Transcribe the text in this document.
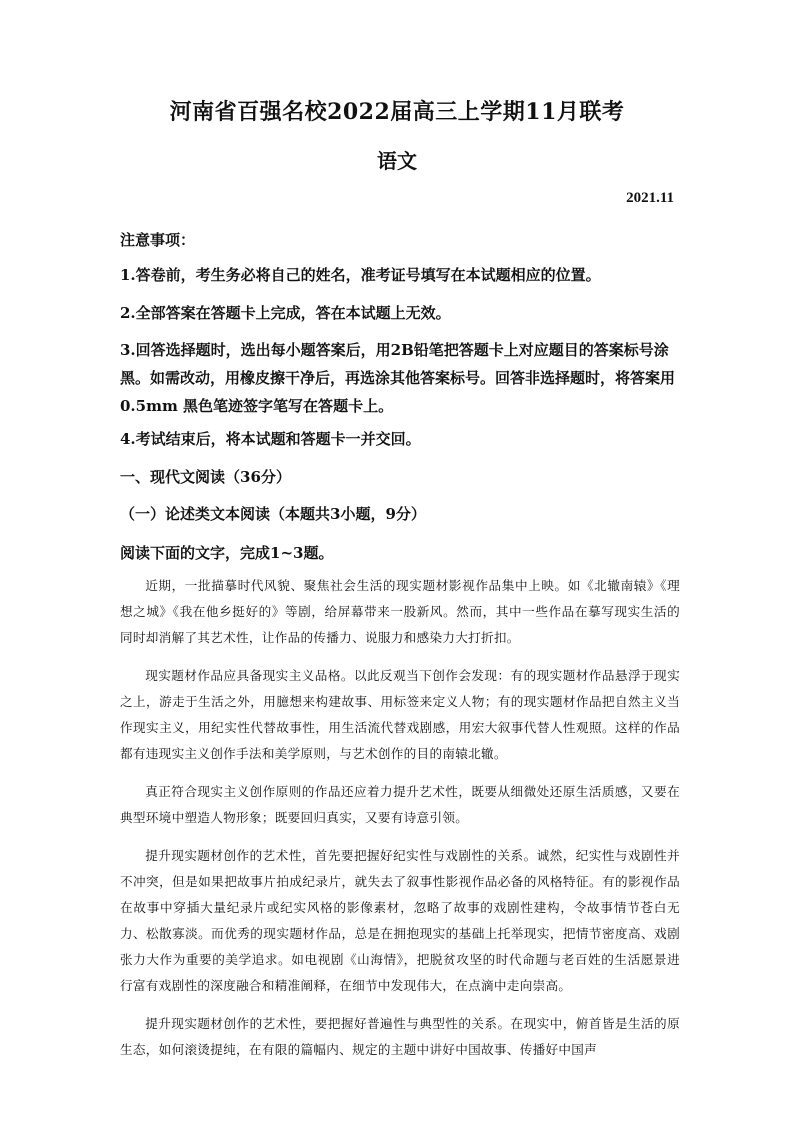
河南省百强名校2022届高三上学期11月联考
语文
2021.11
注意事项：
1.答卷前，考生务必将自己的姓名，准考证号填写在本试题相应的位置。
2.全部答案在答题卡上完成，答在本试题上无效。
3.回答选择题时，选出每小题答案后，用2B铅笔把答题卡上对应题目的答案标号涂黑。如需改动，用橡皮擦干净后，再选涂其他答案标号。回答非选择题时，将答案用0.5mm 黑色笔迹签字笔写在答题卡上。
4.考试结束后，将本试题和答题卡一并交回。
一、现代文阅读（36分）
（一）论述类文本阅读（本题共3小题，9分）
阅读下面的文字，完成1~3题。
近期，一批描摹时代风貌、聚焦社会生活的现实题材影视作品集中上映。如《北辙南辕》《理想之城》《我在他乡挺好的》等剧，给屏幕带来一股新风。然而，其中一些作品在摹写现实生活的同时却消解了其艺术性，让作品的传播力、说服力和感染力大打折扣。
现实题材作品应具备现实主义品格。以此反观当下创作会发现：有的现实题材作品悬浮于现实之上，游走于生活之外，用臆想来构建故事、用标签来定义人物；有的现实题材作品把自然主义当作现实主义，用纪实性代替故事性，用生活流代替戏剧感，用宏大叙事代替人性观照。这样的作品都有违现实主义创作手法和美学原则，与艺术创作的目的南辕北辙。
真正符合现实主义创作原则的作品还应着力提升艺术性，既要从细微处还原生活质感，又要在典型环境中塑造人物形象；既要回归真实，又要有诗意引领。
提升现实题材创作的艺术性，首先要把握好纪实性与戏剧性的关系。诚然，纪实性与戏剧性并不冲突，但是如果把故事片拍成纪录片，就失去了叙事性影视作品必备的风格特征。有的影视作品在故事中穿插大量纪录片或纪实风格的影像素材，忽略了故事的戏剧性建构，令故事情节苍白无力、松散寡淡。而优秀的现实题材作品，总是在拥抱现实的基础上托举现实，把情节密度高、戏剧张力大作为重要的美学追求。如电视剧《山海情》，把脱贫攻坚的时代命题与老百姓的生活愿景进行富有戏剧性的深度融合和精准阐释，在细节中发现伟大，在点滴中走向崇高。
提升现实题材创作的艺术性，要把握好普遍性与典型性的关系。在现实中，俯首皆是生活的原生态，如何滚烫提纯，在有限的篇幅内、规定的主题中讲好中国故事、传播好中国声
